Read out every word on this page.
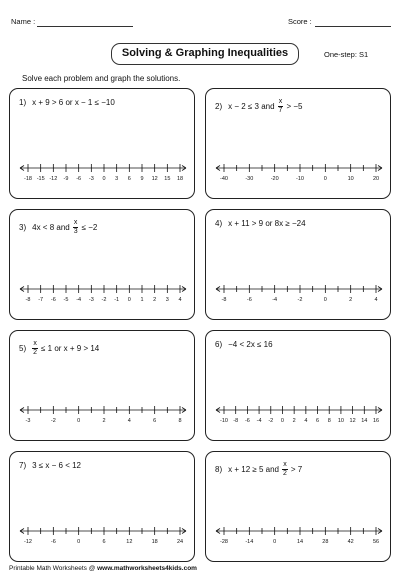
Name :	Score :
Solving & Graphing Inequalities	One-step: S1
Solve each problem and graph the solutions.
1) x + 9 > 6 or x − 1 ≤ −10
-18 -15 -12 -9 -6 -3 0 3 6 9 12 15 18
2) x − 2 ≤ 3 and $\frac{x}{7} > -5$
-40	-30	-20	-10	0	10	20
3) 4x < 8 and $\frac{x}{3} \le -2$
-8 -7 -6 -5 -4 -3 -2 -1 0 1 2 3 4
4) x + 11 > 9 or 8x ≥ −24
-8	-6	-4	-2	0	2	4
$5) \frac{x}{2} \le 1$ or x + 9 > 14
-3	-2	0	2	4	6	8
6) −4 < 2x ≤ 16
-10 -8 -6 -4 -2 0 2 4 6 8 10 12 14 16
7) 3 ≤ x − 6 < 12
-12	-6	0	6	12	18	24
8) x + 12 ≥ 5 and $\frac{x}{2} > 7$
-28	-14	0	14	28	42	56
Printable Math Worksheets @ www.mathworksheets4kids.com
